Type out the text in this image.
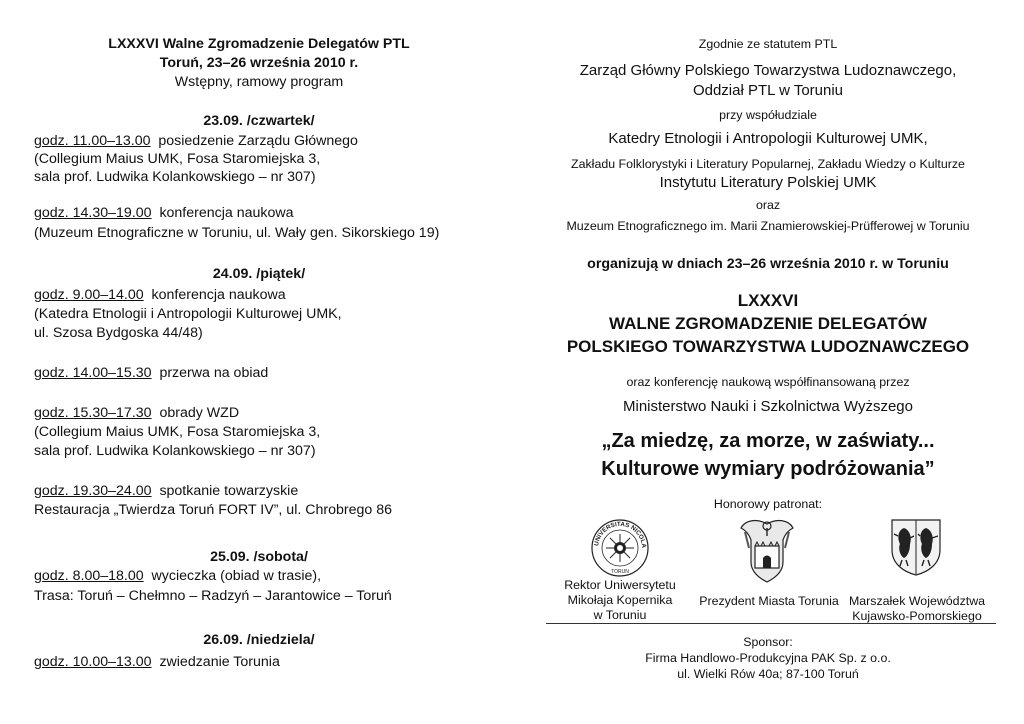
LXXXVI Walne Zgromadzenie Delegatów PTL
Toruń, 23–26 września 2010 r.
Wstępny, ramowy program
23.09. /czwartek/
godz. 11.00–13.00 posiedzenie Zarządu Głównego
(Collegium Maius UMK, Fosa Staromiejska 3,
sala prof. Ludwika Kolankowskiego – nr 307)
godz. 14.30–19.00 konferencja naukowa
(Muzeum Etnograficzne w Toruniu, ul. Wały gen. Sikorskiego 19)
24.09. /piątek/
godz. 9.00–14.00 konferencja naukowa
(Katedra Etnologii i Antropologii Kulturowej UMK,
ul. Szosa Bydgoska 44/48)
godz. 14.00–15.30 przerwa na obiad
godz. 15.30–17.30 obrady WZD
(Collegium Maius UMK, Fosa Staromiejska 3,
sala prof. Ludwika Kolankowskiego – nr 307)
godz. 19.30–24.00 spotkanie towarzyskie
Restauracja „Twierdza Toruń FORT IV”, ul. Chrobrego 86
25.09. /sobota/
godz. 8.00–18.00 wycieczka (obiad w trasie),
Trasa: Toruń – Chełmno – Radzyń – Jarantowice – Toruń
26.09. /niedziela/
godz. 10.00–13.00 zwiedzanie Torunia
Zgodnie ze statutem PTL
Zarząd Główny Polskiego Towarzystwa Ludoznawczego,
Oddział PTL w Toruniu
przy współudziale
Katedry Etnologii i Antropologii Kulturowej UMK,
Zakładu Folklorystyki i Literatury Popularnej, Zakładu Wiedzy o Kulturze
Instytutu Literatury Polskiej UMK
oraz
Muzeum Etnograficznego im. Marii Znamierowskiej-Prüfferowej w Toruniu
organizują w dniach 23–26 września 2010 r. w Toruniu
LXXXVI
WALNE ZGROMADZENIE DELEGATÓW
POLSKIEGO TOWARZYSTWA LUDOZNAWCZEGO
oraz konferencję naukową współfinansowaną przez
Ministerstwo Nauki i Szkolnictwa Wyższego
„Za miedzę, za morze, w zaświaty...
Kulturowe wymiary podróżowania”
Honorowy patronat:
UNIVERSITAS NICOLA
TORUN
Rektor Uniwersytetu
Mikołaja Kopernika
w Toruniu
Prezydent Miasta Torunia Marszałek Województwa
Kujawsko-Pomorskiego
Sponsor:
Firma Handlowo-Produkcyjna PAK Sp. z o.o.
ul. Wielki Rów 40a; 87-100 Toruń
